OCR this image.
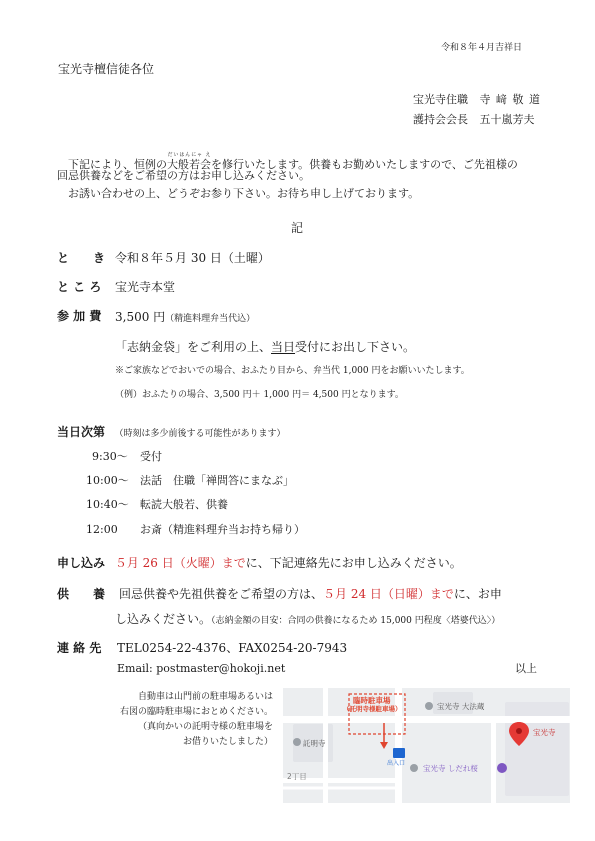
令和８年４月吉祥日
宝光寺檀信徒各位
宝光寺住職 寺 﨑 敬 道
護持会会長 五十嵐芳夫
下記により、恒例の大般若会だいはんにゃ えを修行いたします。供養もお勤めいたしますので、ご先祖様の
回忌供養などをご希望の方はお申し込みください。
お誘い合わせの上、どうぞお参り下さい。お待ち申し上げております。
記
と　　き 令和８年５月 30 日（土曜）
と こ ろ 宝光寺本堂
参 加 費 3,500 円（精進料理弁当代込）
「志納金袋」をご利用の上、当日受付にお出し下さい。
※ご家族などでおいでの場合、おふたり目から、弁当代 1,000 円をお願いいたします。
（例）おふたりの場合、3,500 円＋ 1,000 円＝ 4,500 円となります。
当日次第 （時刻は多少前後する可能性があります）
9:30〜 受付
10:00〜 法話　住職「禅問答にまなぶ」
10:40〜 転読大般若、供養
12:00 お斎（精進料理弁当お持ち帰り）
申し込み ５月 26 日（火曜）までに、下記連絡先にお申し込みください。
供　　養 回忌供養や先祖供養をご希望の方は、５月 24 日（日曜）までに、お申
し込みください。（志納金額の目安：合同の供養になるため 15,000 円程度〈塔婆代込〉）
連 絡 先 TEL0254-22-4376、FAX0254-20-7943
Email: postmaster@hokoji.net	以上
自動車は山門前の駐車場あるいは
右図の臨時駐車場におとめください。
（真向かいの託明寺様の駐車場を
お借りいたしました）
臨時駐車場
（託明寺様駐車場）	宝光寺 大法蔵
託明寺
出入口
宝光寺 しだれ桜
宝光寺
2丁目
